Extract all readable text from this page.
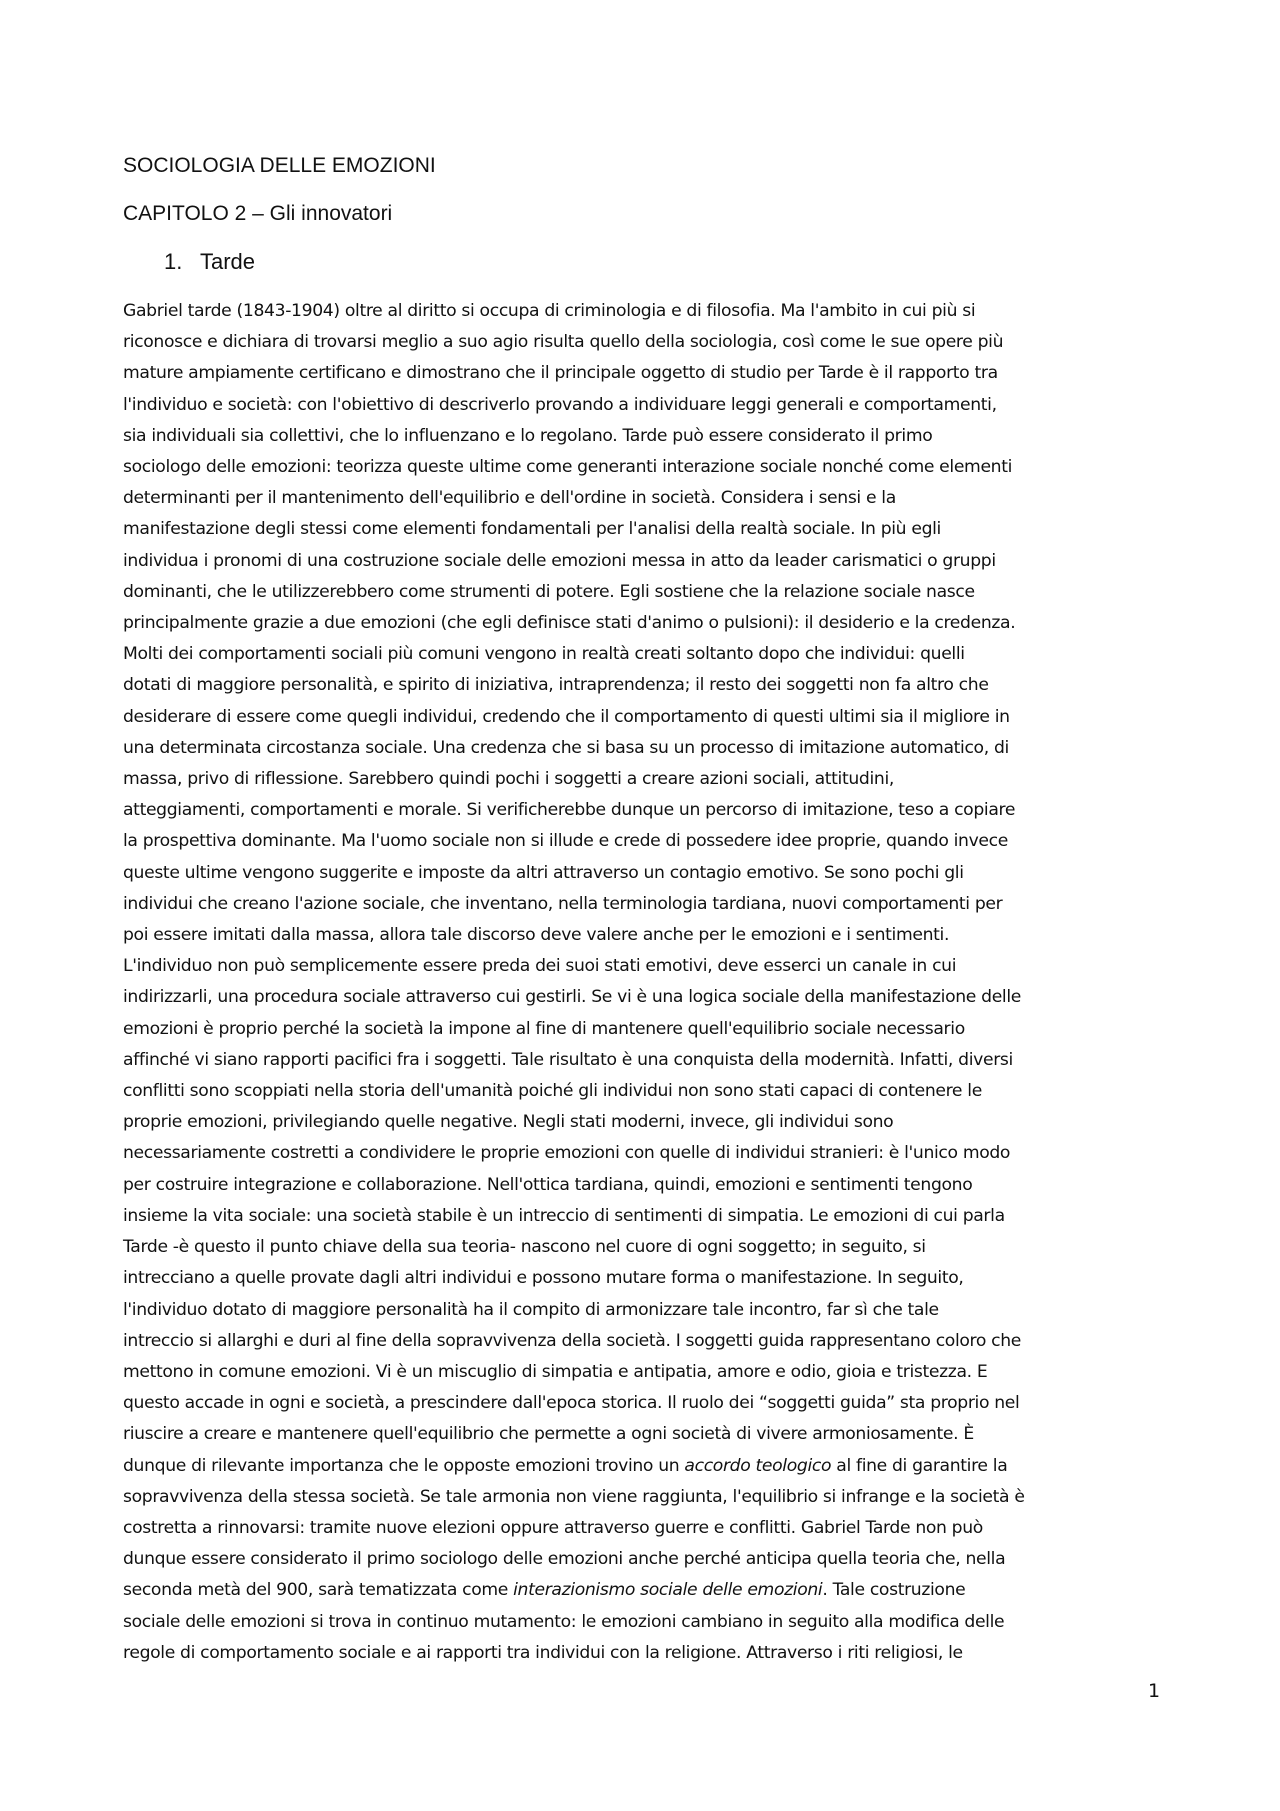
SOCIOLOGIA DELLE EMOZIONI
CAPITOLO 2 – Gli innovatori
1. Tarde
Gabriel tarde (1843-1904) oltre al diritto si occupa di criminologia e di filosofia. Ma l'ambito in cui più si
riconosce e dichiara di trovarsi meglio a suo agio risulta quello della sociologia, così come le sue opere più
mature ampiamente certificano e dimostrano che il principale oggetto di studio per Tarde è il rapporto tra
l'individuo e società: con l'obiettivo di descriverlo provando a individuare leggi generali e comportamenti,
sia individuali sia collettivi, che lo influenzano e lo regolano. Tarde può essere considerato il primo
sociologo delle emozioni: teorizza queste ultime come generanti interazione sociale nonché come elementi
determinanti per il mantenimento dell'equilibrio e dell'ordine in società. Considera i sensi e la
manifestazione degli stessi come elementi fondamentali per l'analisi della realtà sociale. In più egli
individua i pronomi di una costruzione sociale delle emozioni messa in atto da leader carismatici o gruppi
dominanti, che le utilizzerebbero come strumenti di potere. Egli sostiene che la relazione sociale nasce
principalmente grazie a due emozioni (che egli definisce stati d'animo o pulsioni): il desiderio e la credenza.
Molti dei comportamenti sociali più comuni vengono in realtà creati soltanto dopo che individui: quelli
dotati di maggiore personalità, e spirito di iniziativa, intraprendenza; il resto dei soggetti non fa altro che
desiderare di essere come quegli individui, credendo che il comportamento di questi ultimi sia il migliore in
una determinata circostanza sociale. Una credenza che si basa su un processo di imitazione automatico, di
massa, privo di riflessione. Sarebbero quindi pochi i soggetti a creare azioni sociali, attitudini,
atteggiamenti, comportamenti e morale. Si verificherebbe dunque un percorso di imitazione, teso a copiare
la prospettiva dominante. Ma l'uomo sociale non si illude e crede di possedere idee proprie, quando invece
queste ultime vengono suggerite e imposte da altri attraverso un contagio emotivo. Se sono pochi gli
individui che creano l'azione sociale, che inventano, nella terminologia tardiana, nuovi comportamenti per
poi essere imitati dalla massa, allora tale discorso deve valere anche per le emozioni e i sentimenti.
L'individuo non può semplicemente essere preda dei suoi stati emotivi, deve esserci un canale in cui
indirizzarli, una procedura sociale attraverso cui gestirli. Se vi è una logica sociale della manifestazione delle
emozioni è proprio perché la società la impone al fine di mantenere quell'equilibrio sociale necessario
affinché vi siano rapporti pacifici fra i soggetti. Tale risultato è una conquista della modernità. Infatti, diversi
conflitti sono scoppiati nella storia dell'umanità poiché gli individui non sono stati capaci di contenere le
proprie emozioni, privilegiando quelle negative. Negli stati moderni, invece, gli individui sono
necessariamente costretti a condividere le proprie emozioni con quelle di individui stranieri: è l'unico modo
per costruire integrazione e collaborazione. Nell'ottica tardiana, quindi, emozioni e sentimenti tengono
insieme la vita sociale: una società stabile è un intreccio di sentimenti di simpatia. Le emozioni di cui parla
Tarde -è questo il punto chiave della sua teoria- nascono nel cuore di ogni soggetto; in seguito, si
intrecciano a quelle provate dagli altri individui e possono mutare forma o manifestazione. In seguito,
l'individuo dotato di maggiore personalità ha il compito di armonizzare tale incontro, far sì che tale
intreccio si allarghi e duri al fine della sopravvivenza della società. I soggetti guida rappresentano coloro che
mettono in comune emozioni. Vi è un miscuglio di simpatia e antipatia, amore e odio, gioia e tristezza. E
questo accade in ogni e società, a prescindere dall'epoca storica. Il ruolo dei “soggetti guida” sta proprio nel
riuscire a creare e mantenere quell'equilibrio che permette a ogni società di vivere armoniosamente. È
dunque di rilevante importanza che le opposte emozioni trovino un accordo teologico al fine di garantire la
sopravvivenza della stessa società. Se tale armonia non viene raggiunta, l'equilibrio si infrange e la società è
costretta a rinnovarsi: tramite nuove elezioni oppure attraverso guerre e conflitti. Gabriel Tarde non può
dunque essere considerato il primo sociologo delle emozioni anche perché anticipa quella teoria che, nella
seconda metà del 900, sarà tematizzata come interazionismo sociale delle emozioni. Tale costruzione
sociale delle emozioni si trova in continuo mutamento: le emozioni cambiano in seguito alla modifica delle
regole di comportamento sociale e ai rapporti tra individui con la religione. Attraverso i riti religiosi, le
1
